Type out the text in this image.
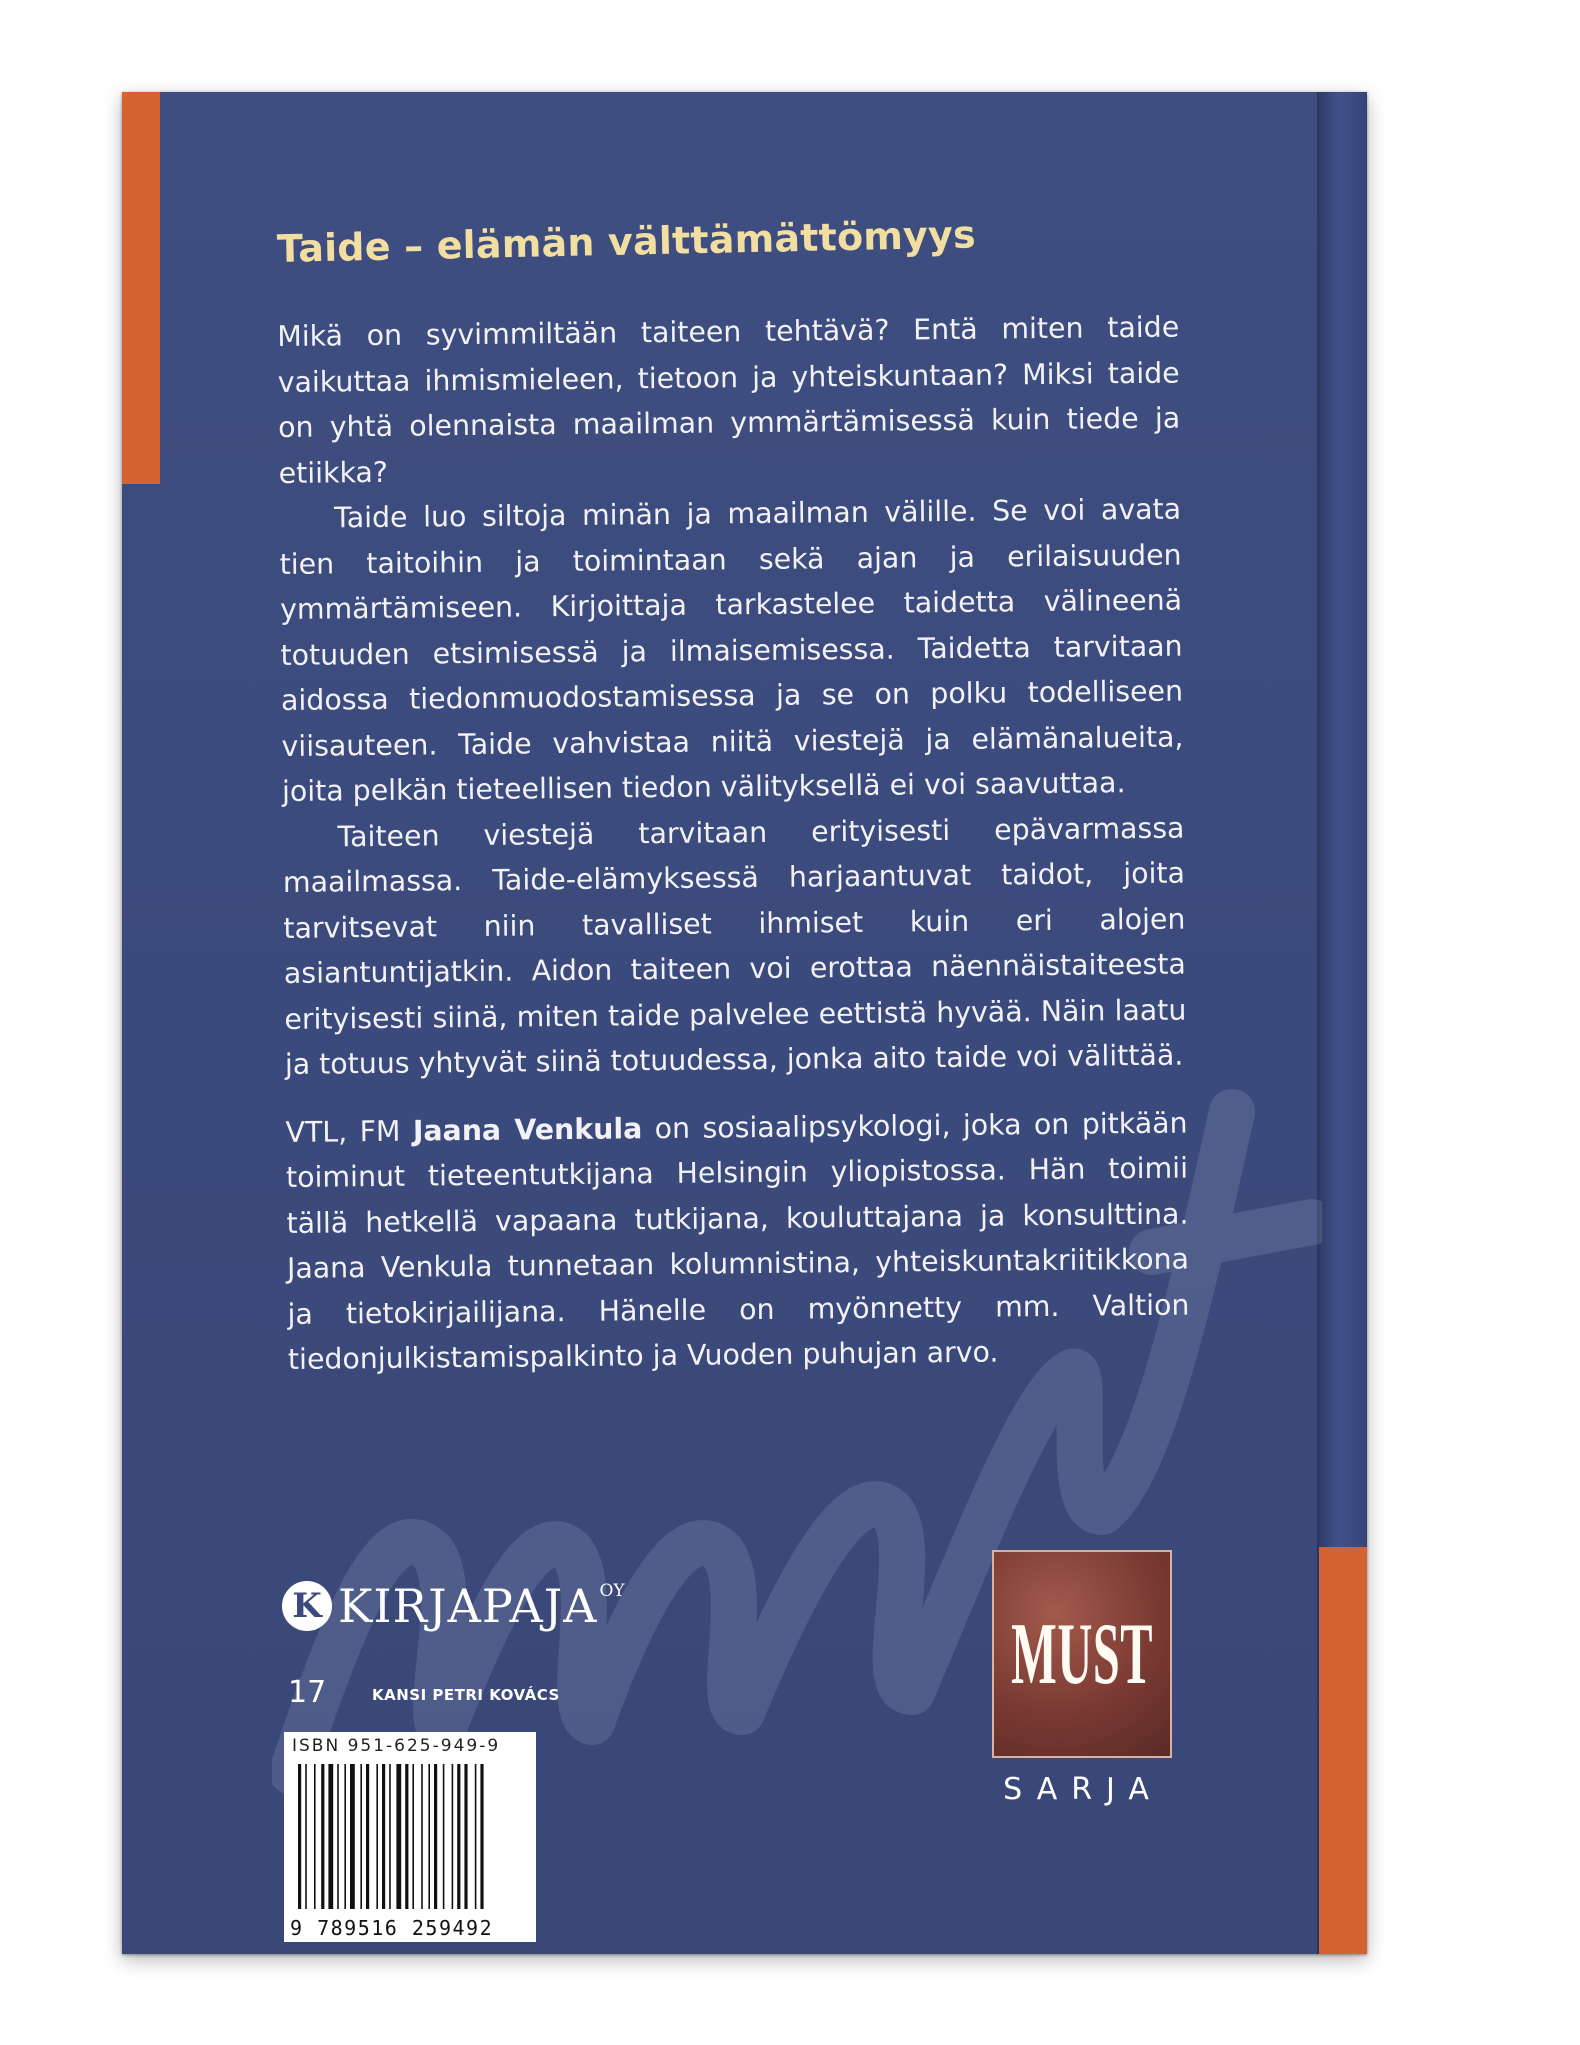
Taide – elämän välttämättömyys

Mikä on syvimmiltään taiteen tehtävä? Entä miten taide vaikuttaa ihmismieleen, tietoon ja yhteiskuntaan? Miksi taide on yhtä olennaista maailman ymmärtämisessä kuin tiede ja etiikka?

Taide luo siltoja minän ja maailman välille. Se voi avata tien taitoihin ja toimintaan sekä ajan ja erilaisuuden ymmärtämiseen. Kirjoittaja tarkastelee taidetta välineenä totuuden etsimisessä ja ilmaisemisessa. Taidetta tarvitaan aidossa tiedonmuodostamisessa ja se on polku todelliseen viisauteen. Taide vahvistaa niitä viestejä ja elämänalueita, joita pelkän tieteellisen tiedon välityksellä ei voi saavuttaa.

Taiteen viestejä tarvitaan erityisesti epävarmassa maailmassa. Taide-elämyksessä harjaantuvat taidot, joita tarvitsevat niin tavalliset ihmiset kuin eri alojen asiantuntijatkin. Aidon taiteen voi erottaa näennäistaiteesta erityisesti siinä, miten taide palvelee eettistä hyvää. Näin laatu ja totuus yhtyvät siinä totuudessa, jonka aito taide voi välittää.

VTL, FM Jaana Venkula on sosiaalipsykologi, joka on pitkään toiminut tieteentutkijana Helsingin yliopistossa. Hän toimii tällä hetkellä vapaana tutkijana, kouluttajana ja konsulttina. Jaana Venkula tunnetaan kolumnistina, yhteiskuntakriitikkona ja tietokirjailijana. Hänelle on myönnetty mm. Valtion tiedonjulkistamispalkinto ja Vuoden puhujan arvo.

K KIRJAPAJA OY
17	KANSI PETRI KOVÁCS
ISBN 951-625-949-9
9 789516 259492
MUST
SARJA
